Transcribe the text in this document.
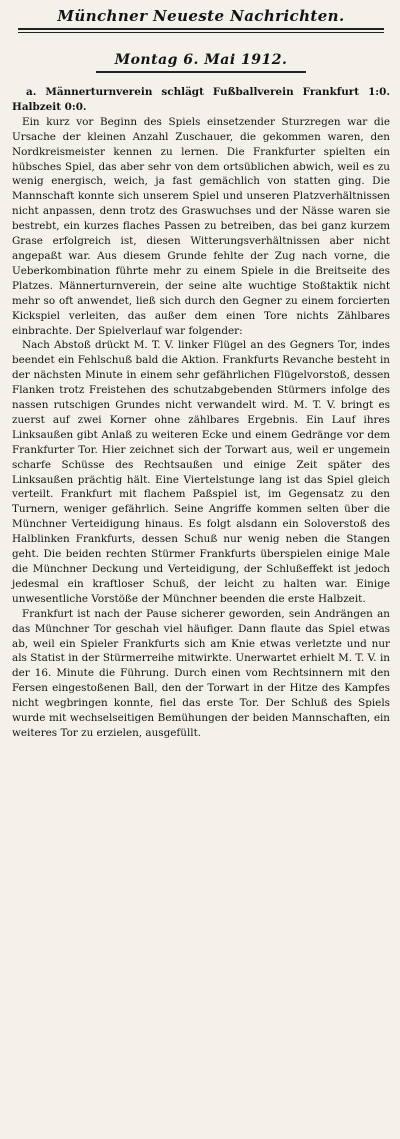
Münchner Neueste Nachrichten.
Montag 6. Mai 1912.

a. Männerturnverein schlägt Fußballverein Frankfurt 1:0. Halbzeit 0:0.

Ein kurz vor Beginn des Spiels einsetzender Sturzregen war die Ursache der kleinen Anzahl Zuschauer, die gekommen waren, den Nordkreismeister kennen zu lernen. Die Frankfurter spielten ein hübsches Spiel, das aber sehr von dem ortsüblichen abwich, weil es zu wenig energisch, weich, ja fast gemächlich von statten ging. Die Mannschaft konnte sich unserem Spiel und unseren Platzverhältnissen nicht anpassen, denn trotz des Graswuchses und der Nässe waren sie bestrebt, ein kurzes flaches Passen zu betreiben, das bei ganz kurzem Grase erfolgreich ist, diesen Witterungsverhältnissen aber nicht angepaßt war. Aus diesem Grunde fehlte der Zug nach vorne, die Ueberkombination führte mehr zu einem Spiele in die Breitseite des Platzes. Männerturnverein, der seine alte wuchtige Stoßtaktik nicht mehr so oft anwendet, ließ sich durch den Gegner zu einem forcierten Kickspiel verleiten, das außer dem einen Tore nichts Zählbares einbrachte. Der Spielverlauf war folgender:

Nach Abstoß drückt M. T. V. linker Flügel an des Gegners Tor, indes beendet ein Fehlschuß bald die Aktion. Frankfurts Revanche besteht in der nächsten Minute in einem sehr gefährlichen Flügelvorstoß, dessen Flanken trotz Freistehen des schutzabgebenden Stürmers infolge des nassen rutschigen Grundes nicht verwandelt wird. M. T. V. bringt es zuerst auf zwei Korner ohne zählbares Ergebnis. Ein Lauf ihres Linksaußen gibt Anlaß zu weiteren Ecke und einem Gedränge vor dem Frankfurter Tor. Hier zeichnet sich der Torwart aus, weil er ungemein scharfe Schüsse des Rechtsaußen und einige Zeit später des Linksaußen prächtig hält. Eine Viertelstunge lang ist das Spiel gleich verteilt. Frankfurt mit flachem Paßspiel ist, im Gegensatz zu den Turnern, weniger gefährlich. Seine Angriffe kommen selten über die Münchner Verteidigung hinaus. Es folgt alsdann ein Soloverstoß des Halblinken Frankfurts, dessen Schuß nur wenig neben die Stangen geht. Die beiden rechten Stürmer Frankfurts überspielen einige Male die Münchner Deckung und Verteidigung, der Schlußeffekt ist jedoch jedesmal ein kraftloser Schuß, der leicht zu halten war. Einige unwesentliche Vorstöße der Münchner beenden die erste Halbzeit.

Frankfurt ist nach der Pause sicherer geworden, sein Andrängen an das Münchner Tor geschah viel häufiger. Dann flaute das Spiel etwas ab, weil ein Spieler Frankfurts sich am Knie etwas verletzte und nur als Statist in der Stürmerreihe mitwirkte. Unerwartet erhielt M. T. V. in der 16. Minute die Führung. Durch einen vom Rechtsinnern mit den Fersen eingestoßenen Ball, den der Torwart in der Hitze des Kampfes nicht wegbringen konnte, fiel das erste Tor. Der Schluß des Spiels wurde mit wechselseitigen Bemühungen der beiden Mannschaften, ein weiteres Tor zu erzielen, ausgefüllt.
